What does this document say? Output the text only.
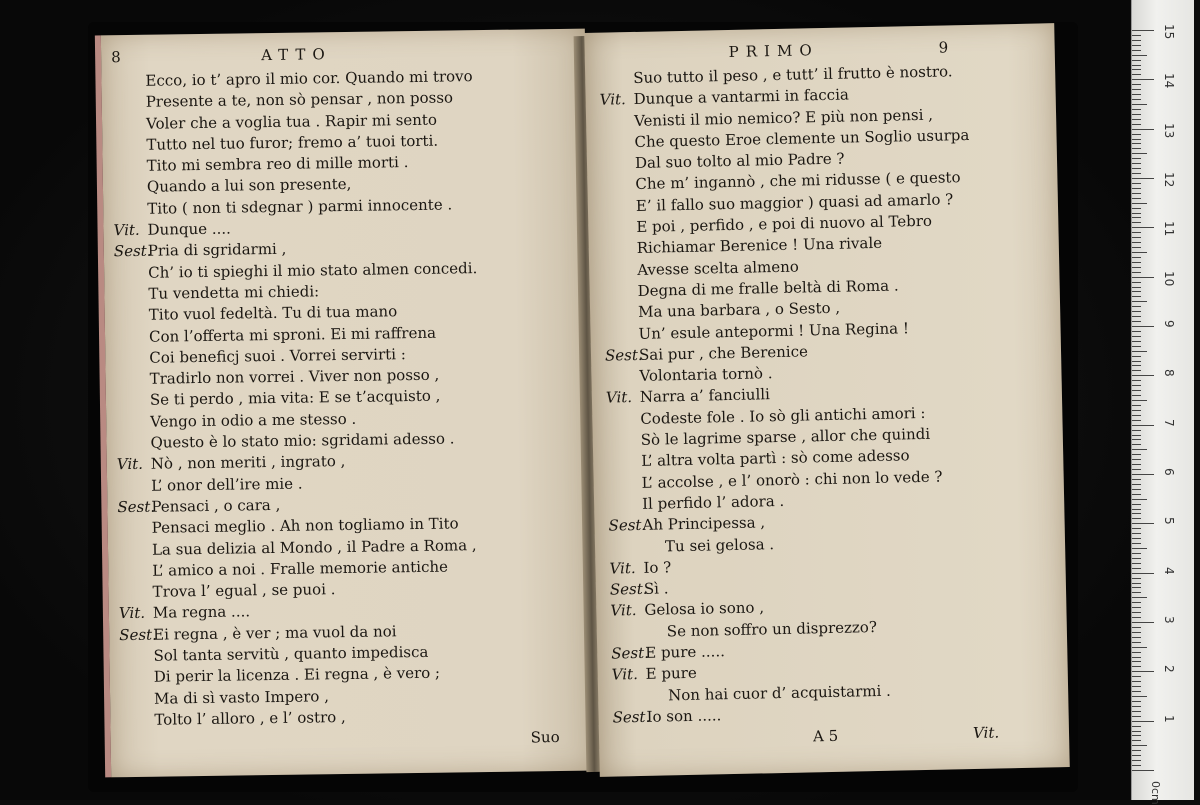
8	ATTO
Ecco, io t’ apro il mio cor. Quando mi trovo
Presente a te, non sò pensar , non posso
Voler che a voglia tua . Rapir mi sento
Tutto nel tuo furor; fremo a’ tuoi torti.
Tito mi sembra reo di mille morti .
Quando a lui son presente,
Tito ( non ti sdegnar ) parmi innocente .
Vit. Dunque ....
Sest.Pria di sgridarmi ,
Ch’ io ti spieghi il mio stato almen concedi.
Tu vendetta mi chiedi:
Tito vuol fedeltà. Tu di tua mano
Con l’offerta mi sproni. Ei mi raffrena
Coi beneficj suoi . Vorrei servirti :
Tradirlo non vorrei . Viver non posso ,
Se ti perdo , mia vita: E se t’acquisto ,
Vengo in odio a me stesso .
Questo è lo stato mio: sgridami adesso .
Vit. Nò , non meriti , ingrato ,
L’ onor dell’ire mie .
Sest.Pensaci , o cara ,
Pensaci meglio . Ah non togliamo in Tito
La sua delizia al Mondo , il Padre a Roma ,
L’ amico a noi . Fralle memorie antiche
Trova l’ egual , se puoi .
Vit. Ma regna ....
Sest.Ei regna , è ver ; ma vuol da noi
Sol tanta servitù , quanto impedisca
Di perir la licenza . Ei regna , è vero ;
Ma di sì vasto Impero ,
Tolto l’ alloro , e l’ ostro ,
Suo
PRIMO	9
Suo tutto il peso , e tutt’ il frutto è nostro.
Vit. Dunque a vantarmi in faccia
Venisti il mio nemico? E più non pensi ,
Che questo Eroe clemente un Soglio usurpa
Dal suo tolto al mio Padre ?
Che m’ ingannò , che mi ridusse ( e questo
E’ il fallo suo maggior ) quasi ad amarlo ?
E poi , perfido , e poi di nuovo al Tebro
Richiamar Berenice ! Una rivale
Avesse scelta almeno
Degna di me fralle beltà di Roma .
Ma una barbara , o Sesto ,
Un’ esule antepormi ! Una Regina !
Sest.Sai pur , che Berenice
Volontaria tornò .
Vit. Narra a’ fanciulli
Codeste fole . Io sò gli antichi amori :
Sò le lagrime sparse , allor che quindi
L’ altra volta partì : sò come adesso
L’ accolse , e l’ onorò : chi non lo vede ?
Il perfido l’ adora .
Sest.Ah Principessa ,
Tu sei gelosa .
Vit. Io ?
Sest.Sì .
Vit. Gelosa io sono ,
Se non soffro un disprezzo?
Sest.E pure .....
Vit. E pure
Non hai cuor d’ acquistarmi .
Sest.Io son .....
A 5	Vit.
0cm
15
14
13
12
11
10
9
8
7
6
5
4
3
2
1
